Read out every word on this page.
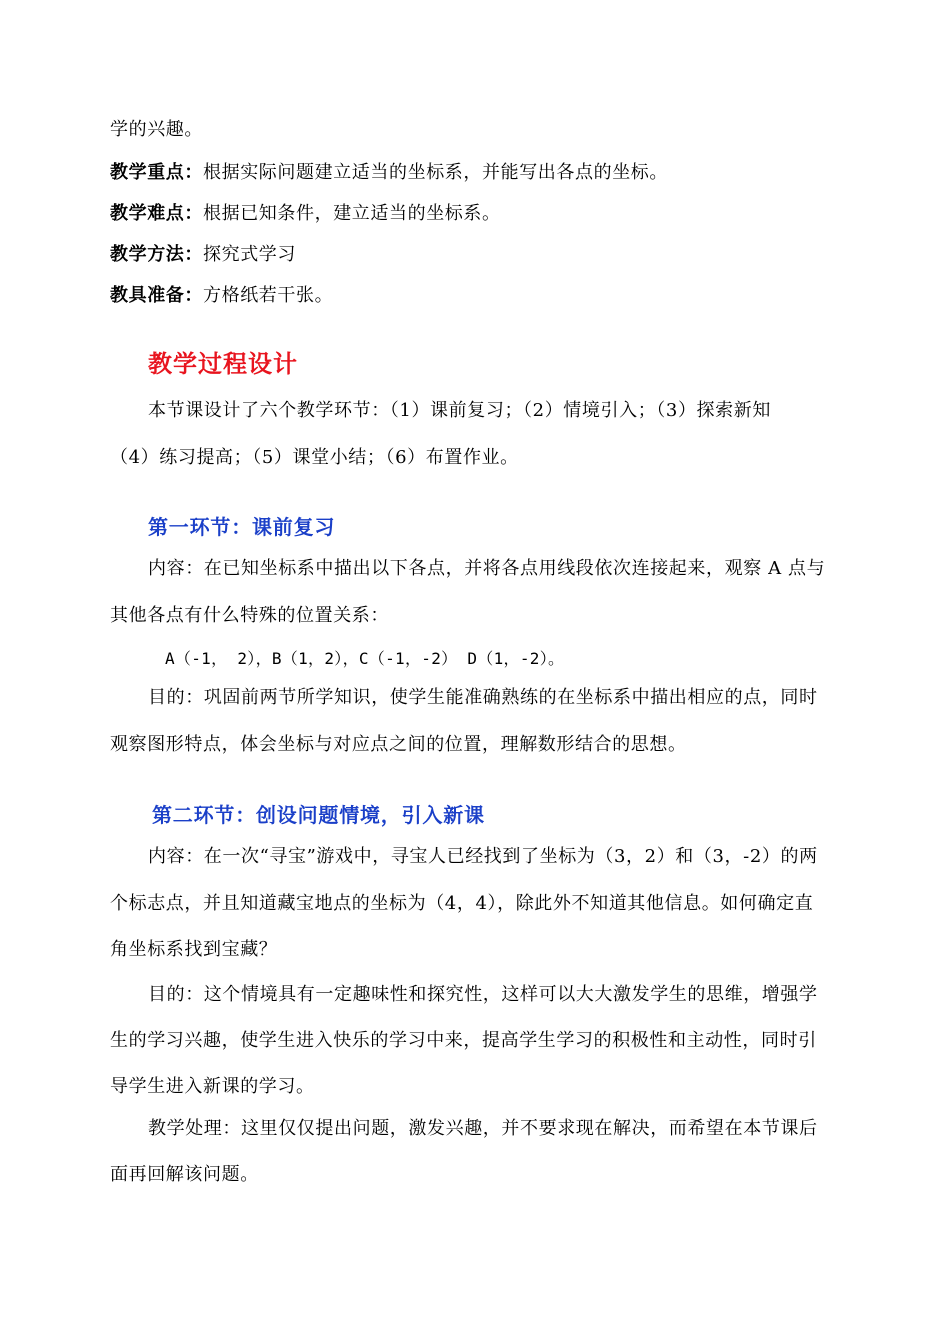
学的兴趣。
教学重点：根据实际问题建立适当的坐标系，并能写出各点的坐标。
教学难点：根据已知条件，建立适当的坐标系。
教学方法：探究式学习
教具准备：方格纸若干张。
教学过程设计
本节课设计了六个教学环节：（1）课前复习；（2）情境引入；（3）探索新知
（4）练习提高；（5）课堂小结；（6）布置作业。
第一环节：课前复习
内容：在已知坐标系中描出以下各点，并将各点用线段依次连接起来，观察 A 点与
其他各点有什么特殊的位置关系：
A（-1， 2），B（1，2），C（-1，-2） D（1，-2）。
目的：巩固前两节所学知识，使学生能准确熟练的在坐标系中描出相应的点，同时
观察图形特点，体会坐标与对应点之间的位置，理解数形结合的思想。
第二环节：创设问题情境，引入新课
内容：在一次“寻宝”游戏中，寻宝人已经找到了坐标为（3，2）和（3，-2）的两
个标志点，并且知道藏宝地点的坐标为（4，4），除此外不知道其他信息。如何确定直
角坐标系找到宝藏？
目的：这个情境具有一定趣味性和探究性，这样可以大大激发学生的思维，增强学
生的学习兴趣，使学生进入快乐的学习中来，提高学生学习的积极性和主动性，同时引
导学生进入新课的学习。
教学处理：这里仅仅提出问题，激发兴趣，并不要求现在解决，而希望在本节课后
面再回解该问题。
